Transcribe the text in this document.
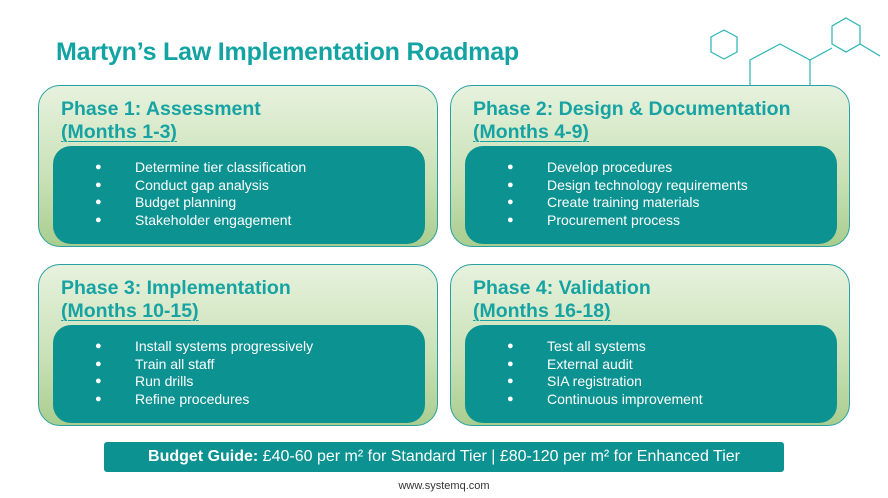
Martyn’s Law Implementation Roadmap
Phase 1: Assessment
(Months 1-3)
● Determine tier classification
● Conduct gap analysis
● Budget planning
● Stakeholder engagement
Phase 2: Design & Documentation
(Months 4-9)
● Develop procedures
● Design technology requirements
● Create training materials
● Procurement process
Phase 3: Implementation
(Months 10-15)
● Install systems progressively
● Train all staff
● Run drills
● Refine procedures
Phase 4: Validation
(Months 16-18)
● Test all systems
● External audit
● SIA registration
● Continuous improvement
Budget Guide: £40-60 per m² for Standard Tier | £80-120 per m² for Enhanced Tier
www.systemq.com
